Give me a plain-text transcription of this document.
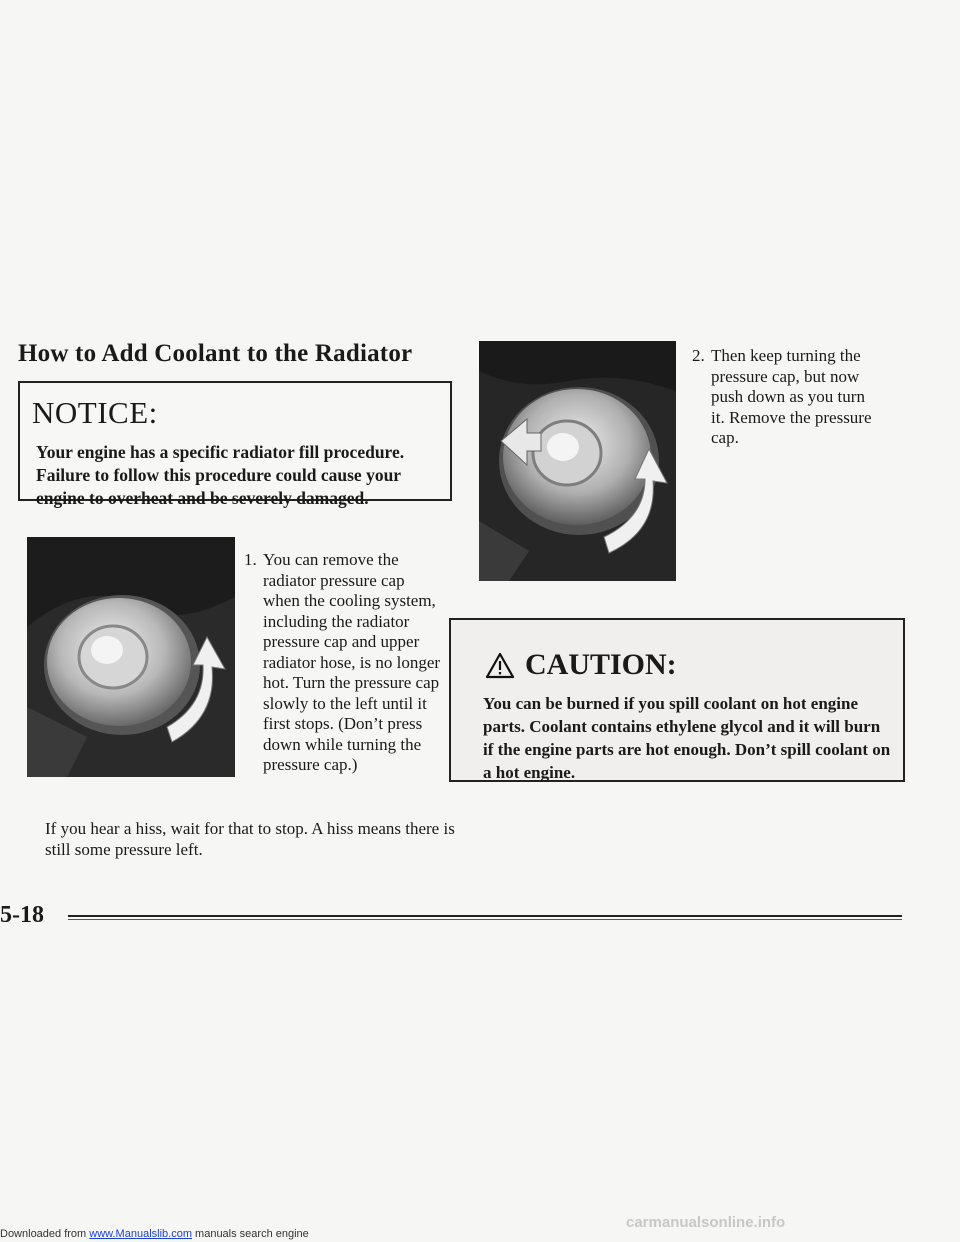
How to Add Coolant to the Radiator
NOTICE:
Your engine has a specific radiator fill procedure. Failure to follow this procedure could cause your engine to overheat and be severely damaged.
1. You can remove the radiator pressure cap when the cooling system, including the radiator pressure cap and upper radiator hose, is no longer hot. Turn the pressure cap slowly to the left until it first stops. (Don’t press down while turning the pressure cap.)
If you hear a hiss, wait for that to stop. A hiss means there is still some pressure left.
2. Then keep turning the pressure cap, but now push down as you turn it. Remove the pressure cap.
CAUTION:
You can be burned if you spill coolant on hot engine parts. Coolant contains ethylene glycol and it will burn if the engine parts are hot enough. Don’t spill coolant on a hot engine.
5-18
Downloaded from www.Manualslib.com manuals search engine
carmanualsonline.info
